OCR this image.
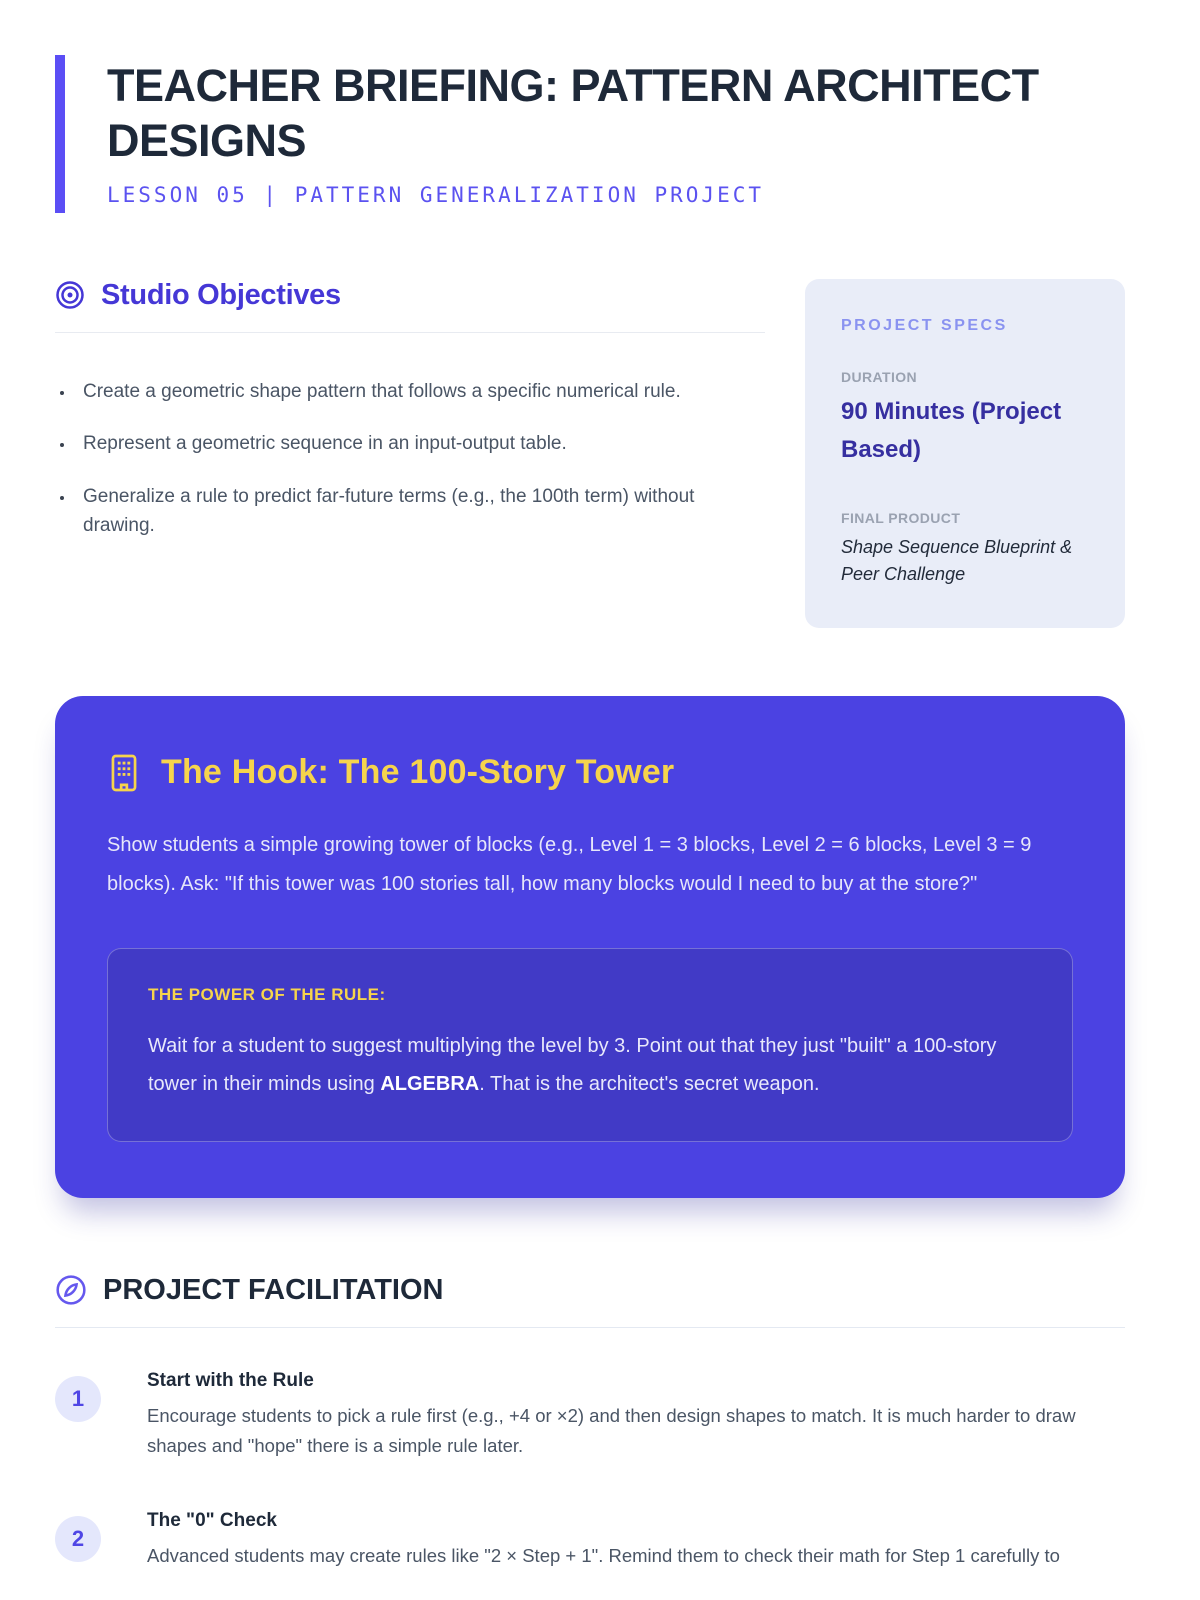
TEACHER BRIEFING: PATTERN ARCHITECT DESIGNS
LESSON 05 | PATTERN GENERALIZATION PROJECT
Studio Objectives
• Create a geometric shape pattern that follows a specific numerical rule.
• Represent a geometric sequence in an input-output table.
• Generalize a rule to predict far-future terms (e.g., the 100th term) without drawing.
PROJECT SPECS
DURATION
90 Minutes (Project Based)
FINAL PRODUCT
Shape Sequence Blueprint & Peer Challenge
The Hook: The 100-Story Tower

Show students a simple growing tower of blocks (e.g., Level 1 = 3 blocks, Level 2 = 6 blocks, Level 3 = 9 blocks). Ask: "If this tower was 100 stories tall, how many blocks would I need to buy at the store?"

THE POWER OF THE RULE:

Wait for a student to suggest multiplying the level by 3. Point out that they just "built" a 100-story tower in their minds using ALGEBRA. That is the architect's secret weapon.

PROJECT FACILITATION
1
Start with the Rule

Encourage students to pick a rule first (e.g., +4 or ×2) and then design shapes to match. It is much harder to draw shapes and "hope" there is a simple rule later.

2
The "0" Check

Advanced students may create rules like "2 × Step + 1". Remind them to check their math for Step 1 carefully to
